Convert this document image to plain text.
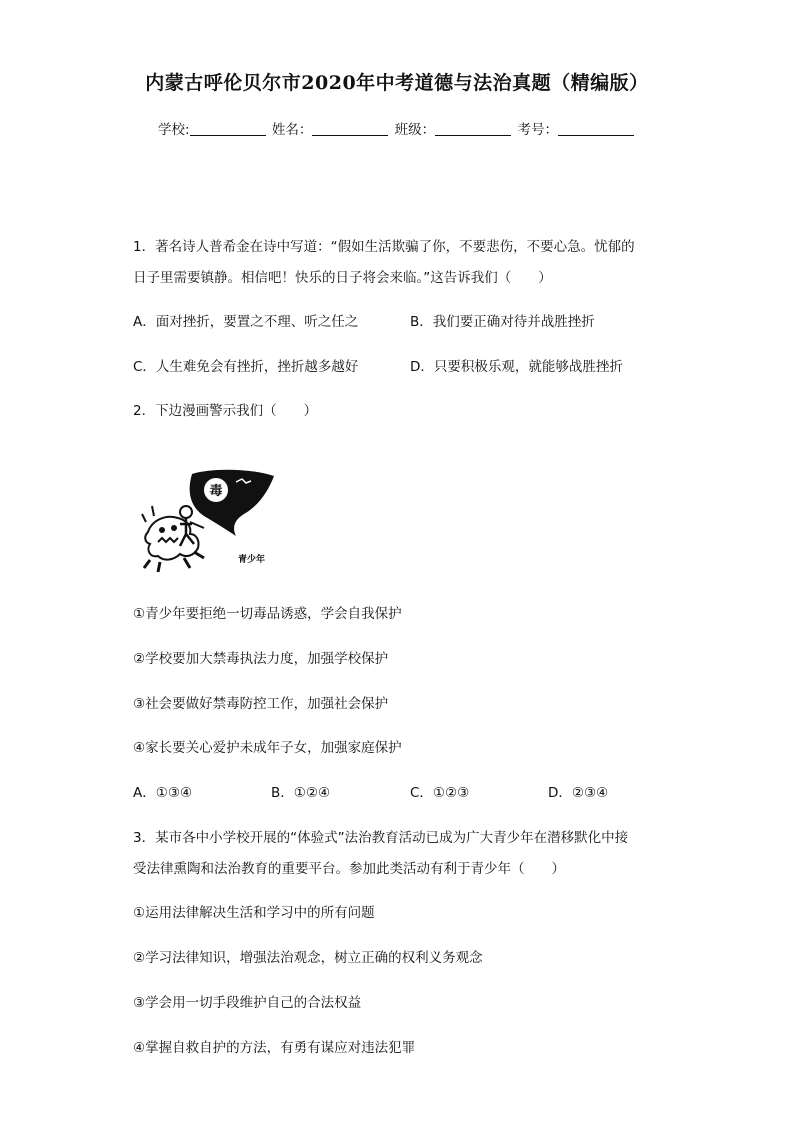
内蒙古呼伦贝尔市2020年中考道德与法治真题（精编版）
学校:	姓名：	班级：	考号：
1．著名诗人普希金在诗中写道：“假如生活欺骗了你，不要悲伤，不要心急。忧郁的
日子里需要镇静。相信吧！快乐的日子将会来临。”这告诉我们（　　）
A．面对挫折，要置之不理、听之任之	B．我们要正确对待并战胜挫折
C．人生难免会有挫折，挫折越多越好	D．只要积极乐观，就能够战胜挫折
2．下边漫画警示我们（　　）
毒
青少年
①青少年要拒绝一切毒品诱惑，学会自我保护
②学校要加大禁毒执法力度，加强学校保护
③社会要做好禁毒防控工作，加强社会保护
④家长要关心爱护未成年子女，加强家庭保护
A．①③④	B．①②④	C．①②③	D．②③④
3．某市各中小学校开展的“体验式”法治教育活动已成为广大青少年在潜移默化中接
受法律熏陶和法治教育的重要平台。参加此类活动有利于青少年（　　）
①运用法律解决生活和学习中的所有问题
②学习法律知识，增强法治观念，树立正确的权利义务观念
③学会用一切手段维护自己的合法权益
④掌握自救自护的方法，有勇有谋应对违法犯罪
